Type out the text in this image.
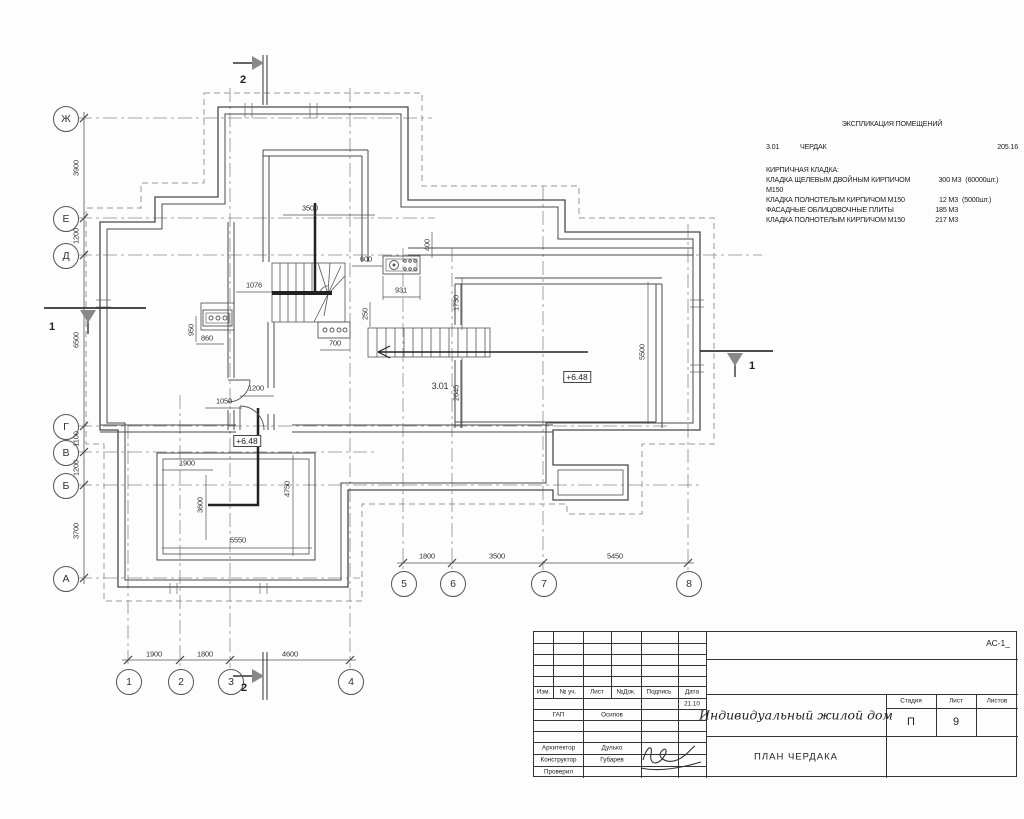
Ж
Е
Д
Г
В
Б
А
1	2	3	4
5	6	7	8
3900
1200
6500
1100
1200
3700
1900	1800	4600
1800	3500	5450
3500
1076
600
400
931
250
700
950
860
1050
1200
1730
2645
5500
1900
3600
4750
5550
3.01
+6.48
+6.48
2
2
1
1
ЭКСПЛИКАЦИЯ ПОМЕЩЕНИЙ
3.01	ЧЕРДАК	205.16
КИРПИЧНАЯ КЛАДКА:
КЛАДКА ЩЕЛЕВЫМ ДВОЙНЫМ КИРПИЧОМ М150
300 М3 (60000шт.)
КЛАДКА ПОЛНОТЕЛЫМ КИРПИЧОМ М150	12 М3 (5000шт.)
ФАСАДНЫЕ ОБЛИЦОВОЧНЫЕ ПЛИТЫ	185 М3
КЛАДКА ПОЛНОТЕЛЫМ КИРПИЧОМ М150	217 М3
АС-1_
Изм. № уч. Лист №Док. Подпись Дата
21.10
ГАП	Осипов
Архитектор	Дулько
Конструктор	Губарев
Проверил
Индивидуальный жилой дом
ПЛАН ЧЕРДАКА
Стадия	Лист	Листов
П	9
